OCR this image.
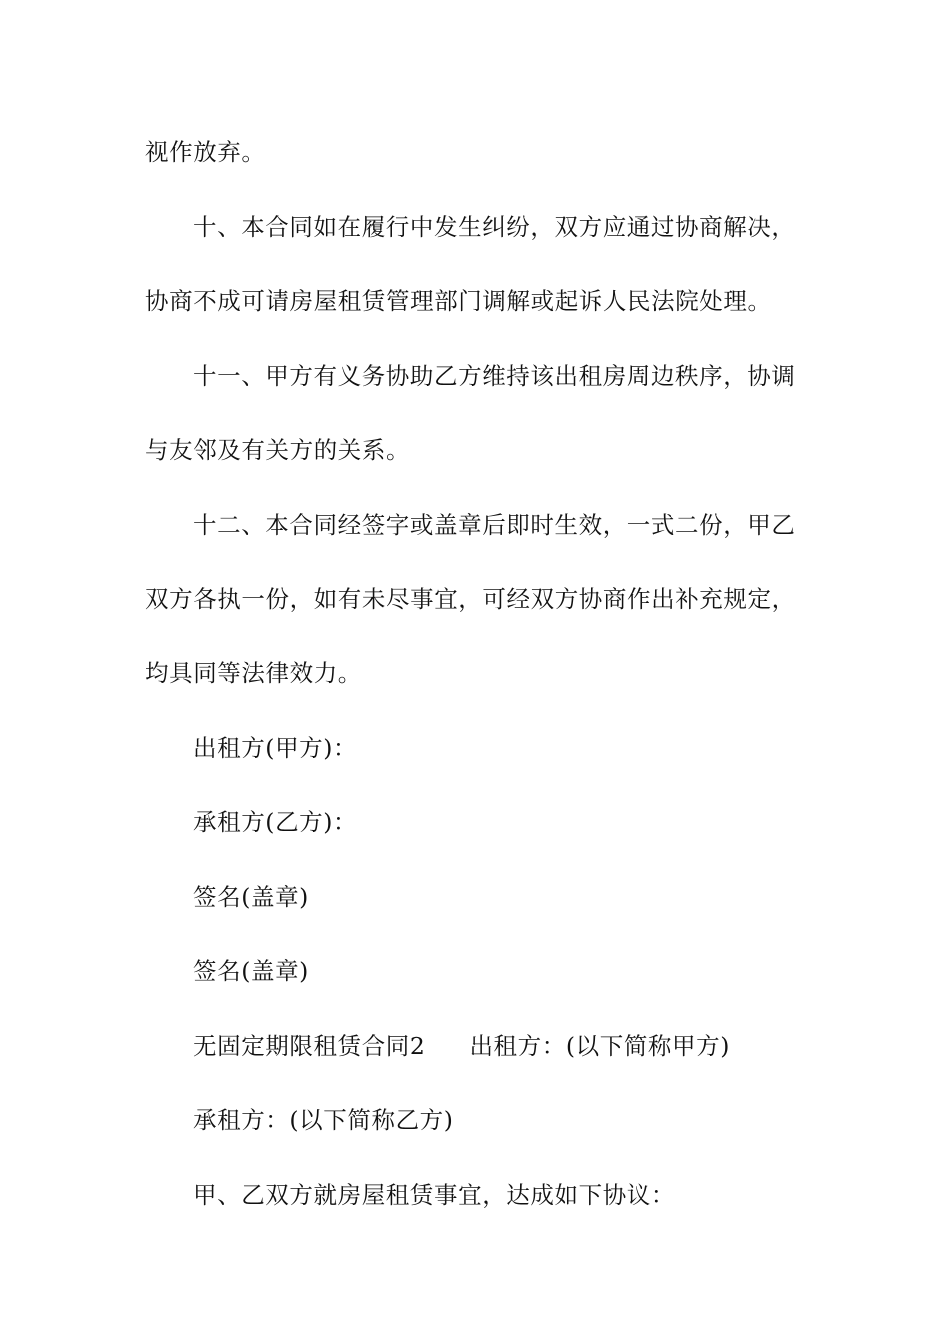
视作放弃。
十、本合同如在履行中发生纠纷，双方应通过协商解决，
协商不成可请房屋租赁管理部门调解或起诉人民法院处理。
十一、甲方有义务协助乙方维持该出租房周边秩序，协调
与友邻及有关方的关系。
十二、本合同经签字或盖章后即时生效，一式二份，甲乙
双方各执一份，如有未尽事宜，可经双方协商作出补充规定，
均具同等法律效力。
出租方(甲方)：
承租方(乙方)：
签名(盖章)
签名(盖章)
无固定期限租赁合同2 出租方：(以下简称甲方)
承租方：(以下简称乙方)
甲、乙双方就房屋租赁事宜，达成如下协议：
